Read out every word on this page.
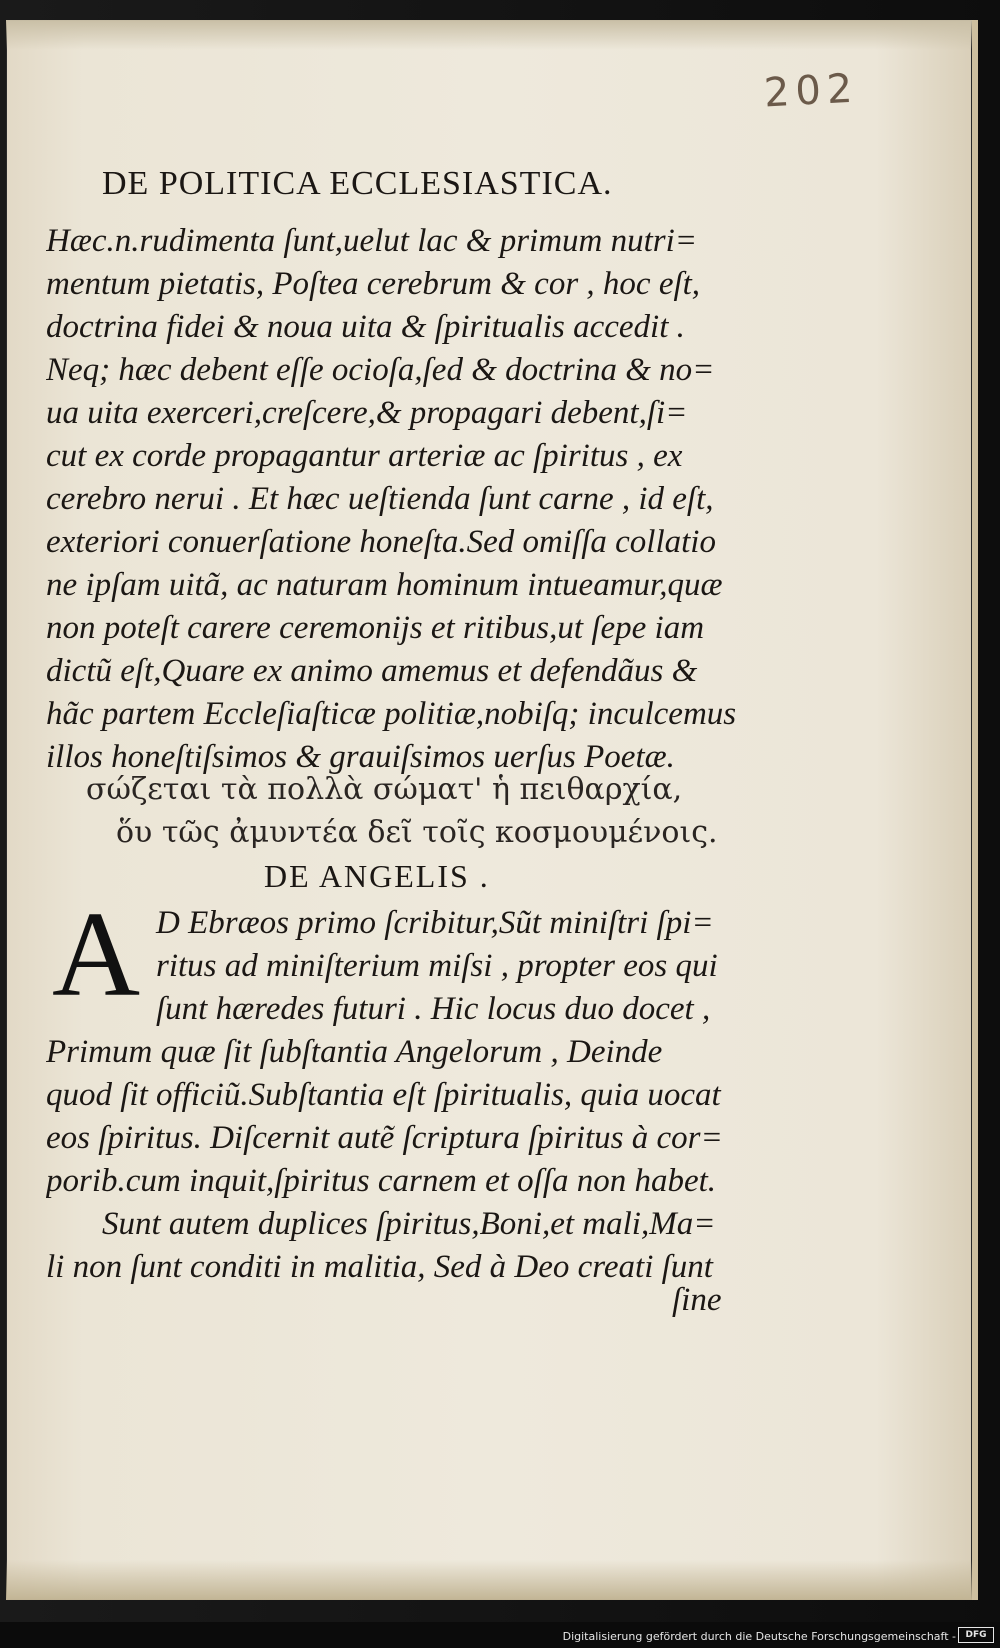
202
DE POLITICA ECCLESIASTICA.
Hæc.n.rudimenta ſunt,uelut lac & primum nutri=
mentum pietatis, Poſtea cerebrum & cor , hoc eſt,
doctrina fidei & noua uita & ſpiritualis accedit .
Neq; hæc debent eſſe ocioſa,ſed & doctrina & no=
ua uita exerceri,creſcere,& propagari debent,ſi=
cut ex corde propagantur arteriæ ac ſpiritus , ex
cerebro nerui . Et hæc ueſtienda ſunt carne , id eſt,
exteriori conuerſatione honeſta.Sed omiſſa collatio
ne ipſam uitã, ac naturam hominum intueamur,quæ
non poteſt carere ceremonijs et ritibus,ut ſepe iam
dictũ eſt,Quare ex animo amemus et defendãus &
hãc partem Eccleſiaſticæ politiæ,nobiſq; inculcemus
illos honeſtiſsimos & grauiſsimos uerſus Poetæ.
σώζεται τὰ πολλὰ σώματ' ἡ πειθαρχία,
ὅυ τῶς ἀμυντέα δεῖ τοῖς κοσμουμένοις.
DE ANGELIS .
A D Ebræos primo ſcribitur,Sũt miniſtri ſpi=
ritus ad miniſterium miſsi , propter eos qui
ſunt hæredes futuri . Hic locus duo docet ,
Primum quæ ſit ſubſtantia Angelorum , Deinde
quod ſit officiũ.Subſtantia eſt ſpiritualis, quia uocat
eos ſpiritus. Diſcernit autẽ ſcriptura ſpiritus à cor=
porib.cum inquit,ſpiritus carnem et oſſa non habet.
Sunt autem duplices ſpiritus,Boni,et mali,Ma=
li non ſunt conditi in malitia, Sed à Deo creati ſunt
ſine
Digitalisierung gefördert durch die Deutsche Forschungsgemeinschaft -	DFG
